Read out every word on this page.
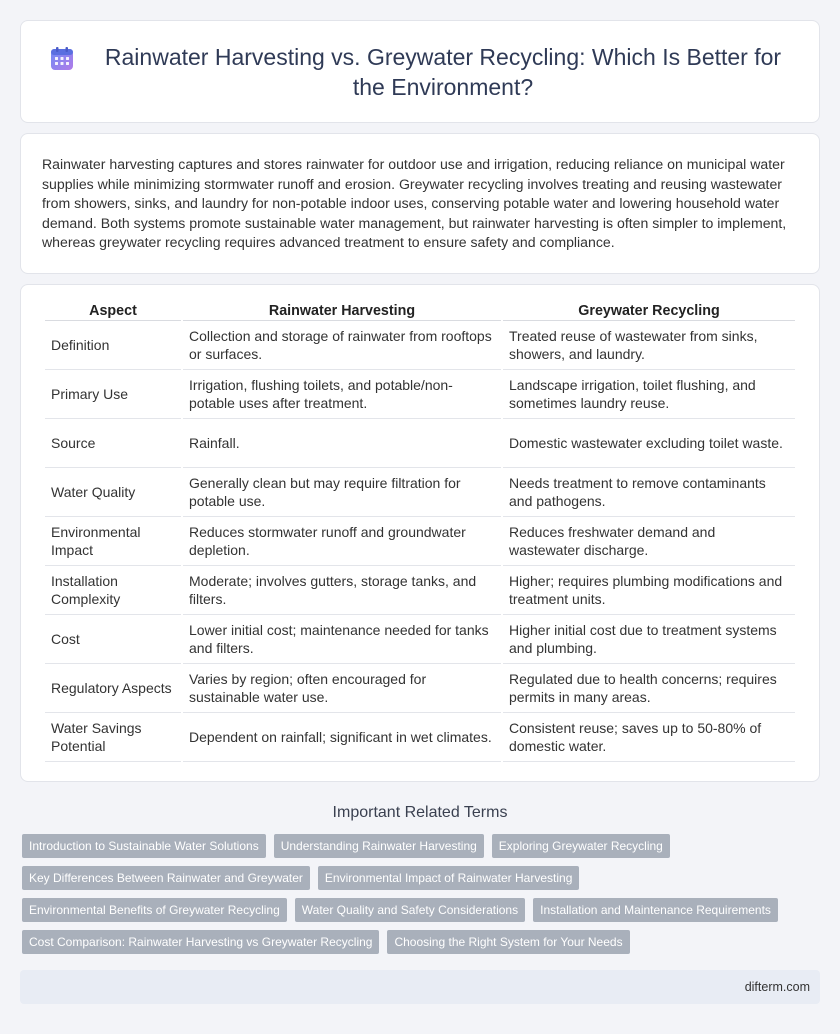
Rainwater Harvesting vs. Greywater Recycling: Which Is Better for the Environment?

Rainwater harvesting captures and stores rainwater for outdoor use and irrigation, reducing reliance on municipal water supplies while minimizing stormwater runoff and erosion. Greywater recycling involves treating and reusing wastewater from showers, sinks, and laundry for non-potable indoor uses, conserving potable water and lowering household water demand. Both systems promote sustainable water management, but rainwater harvesting is often simpler to implement, whereas greywater recycling requires advanced treatment to ensure safety and compliance.

Aspect	Rainwater Harvesting	Greywater Recycling
Definition	Collection and storage of rainwater from rooftops or surfaces.	Treated reuse of wastewater from sinks, showers, and laundry.
Primary Use	Irrigation, flushing toilets, and potable/non-potable uses after treatment.	Landscape irrigation, toilet flushing, and sometimes laundry reuse.
Source	Rainfall.	Domestic wastewater excluding toilet waste.
Water Quality	Generally clean but may require filtration for potable use.	Needs treatment to remove contaminants and pathogens.
Environmental Impact	Reduces stormwater runoff and groundwater depletion.	Reduces freshwater demand and wastewater discharge.
Installation Complexity	Moderate; involves gutters, storage tanks, and filters.	Higher; requires plumbing modifications and treatment units.
Cost	Lower initial cost; maintenance needed for tanks and filters.	Higher initial cost due to treatment systems and plumbing.
Regulatory Aspects	Varies by region; often encouraged for sustainable water use.	Regulated due to health concerns; requires permits in many areas.
Water Savings Potential	Dependent on rainfall; significant in wet climates.	Consistent reuse; saves up to 50-80% of domestic water.
Important Related Terms
Introduction to Sustainable Water Solutions	Understanding Rainwater Harvesting	Exploring Greywater Recycling
Key Differences Between Rainwater and Greywater	Environmental Impact of Rainwater Harvesting
Environmental Benefits of Greywater Recycling	Water Quality and Safety Considerations	Installation and Maintenance Requirements
Cost Comparison: Rainwater Harvesting vs Greywater Recycling	Choosing the Right System for Your Needs
difterm.com
